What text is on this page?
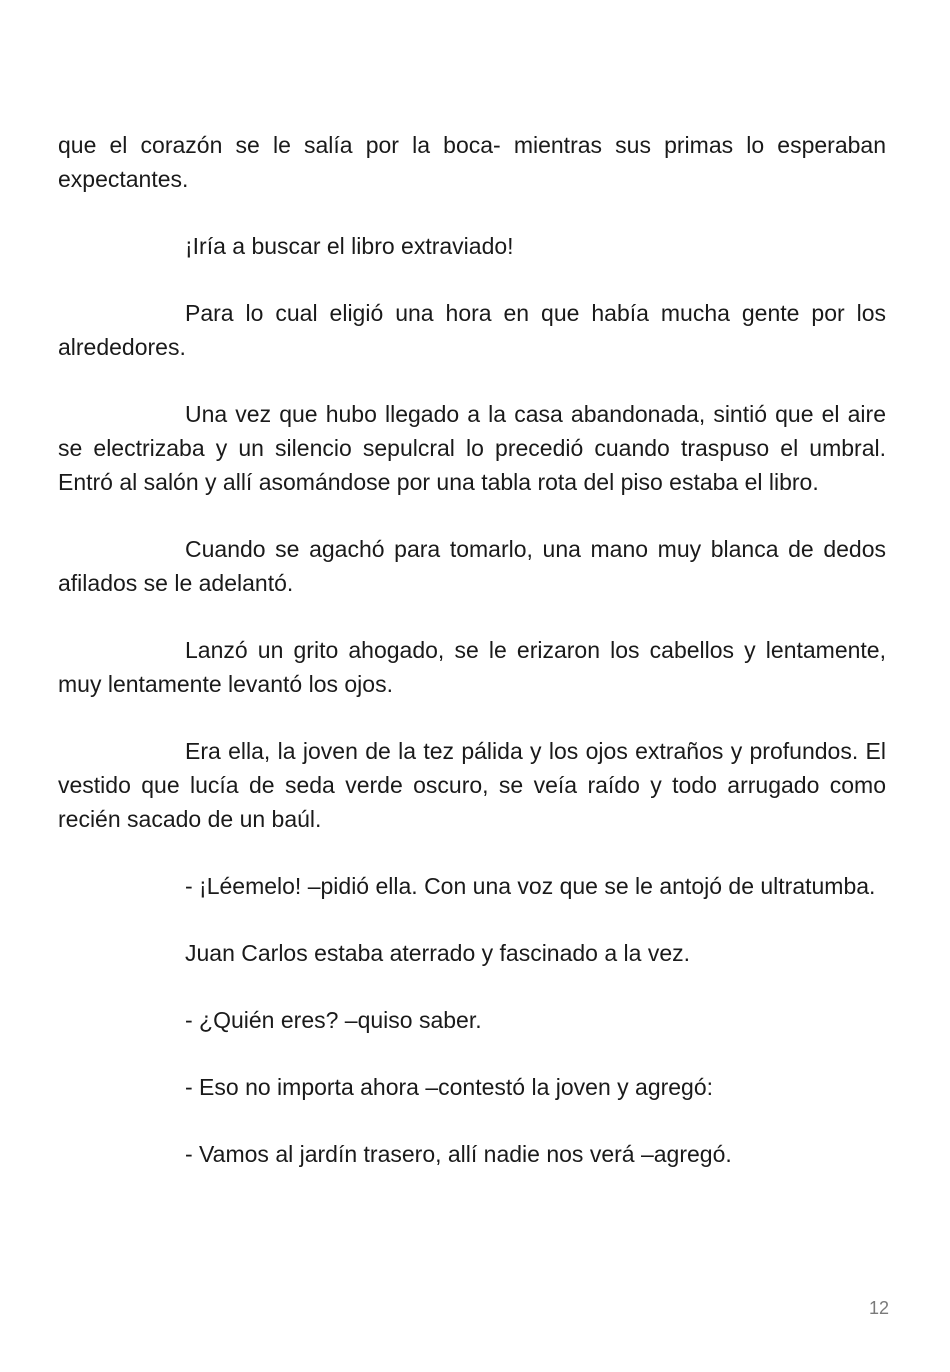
que el corazón se le salía por la boca- mientras sus primas lo esperaban expectantes.

¡Iría a buscar el libro extraviado!

Para lo cual eligió una hora en que había mucha gente por los alrededores.

Una vez que hubo llegado a la casa abandonada, sintió que el aire se electrizaba y un silencio sepulcral lo precedió cuando traspuso el umbral. Entró al salón y allí asomándose por una tabla rota del piso estaba el libro.

Cuando se agachó para tomarlo, una mano muy blanca de dedos afilados se le adelantó.

Lanzó un grito ahogado, se le erizaron los cabellos y lentamente, muy lentamente levantó los ojos.

Era ella, la joven de la tez pálida y los ojos extraños y profundos. El vestido que lucía de seda verde oscuro, se veía raído y todo arrugado como recién sacado de un baúl.

- ¡Léemelo! –pidió ella. Con una voz que se le antojó de ultratumba.

Juan Carlos estaba aterrado y fascinado a la vez.

- ¿Quién eres? –quiso saber.

- Eso no importa ahora –contestó la joven y agregó:

- Vamos al jardín trasero, allí nadie nos verá –agregó.

12
